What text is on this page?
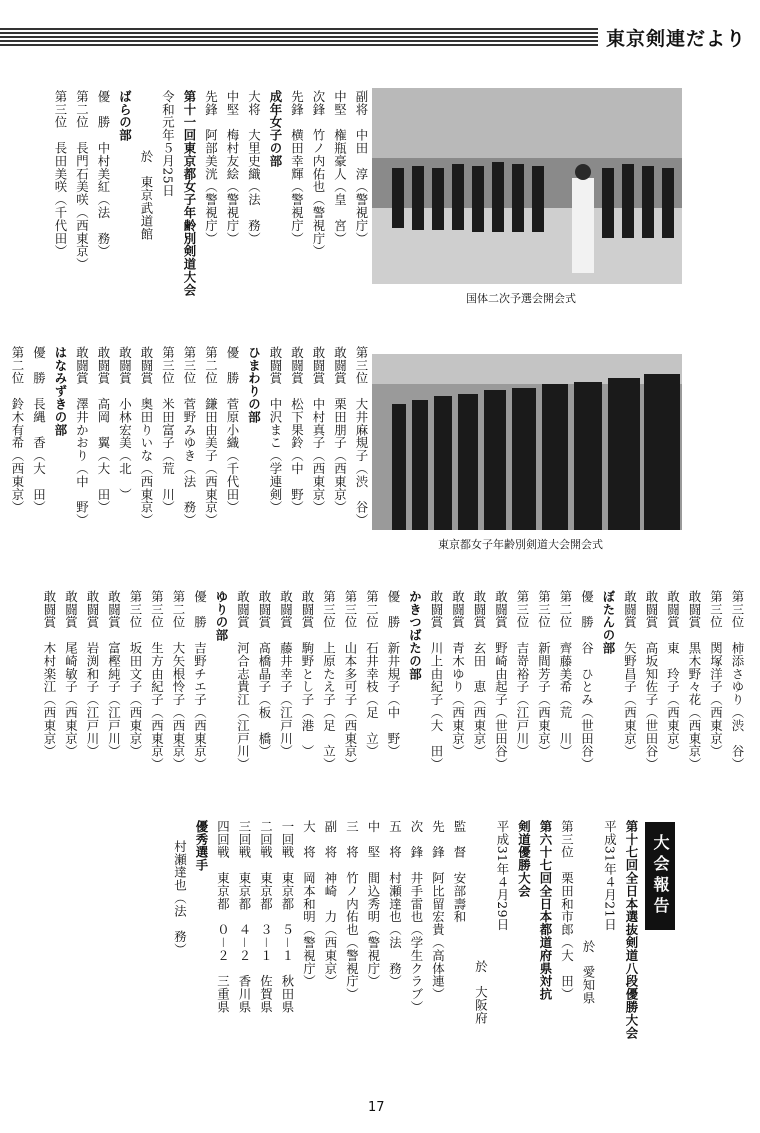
東京剣連だより
国体二次予選会開会式
東京都女子年齢別剣道大会開会式
副将　中田　淳（警視庁）
中堅　権瓶豪人（皇　宮）
次鋒　竹ノ内佑也（警視庁）
先鋒　横田幸輝（警視庁）
成年女子の部
大将　大里史織（法　務）
中堅　梅村友絵（警視庁）
先鋒　阿部美洸（警視庁）
第十一回東京都女子年齢別剣道大会
令和元年５月25日
於　東京武道館
ばらの部
優　勝　中村美紅（法　務）
第二位　長門石美咲（西東京）
第三位　長田美咲（千代田）
第三位　大井麻規子（渋　谷）
敢闘賞　栗田朋子（西東京）
敢闘賞　中村真子（西東京）
敢闘賞　松下果鈴（中　野）
敢闘賞　中沢まこ（学連剣）
ひまわりの部
優　勝　菅原小織（千代田）
第二位　鎌田由美子（西東京）
第三位　菅野みゆき（法　務）
第三位　米田富子（荒　川）
敢闘賞　奥田りいな（西東京）
敢闘賞　小林宏美（北　）
敢闘賞　高岡　翼（大　田）
敢闘賞　澤井かおり（中　野）
はなみずきの部
優　勝　長縄　香（大　田）
第二位　鈴木有希（西東京）
第三位　柿添さゆり（渋　谷）
第三位　関塚洋子（西東京）
敢闘賞　黒木野々花（西東京）
敢闘賞　東　玲子（西東京）
敢闘賞　高坂知佐子（世田谷）
敢闘賞　矢野昌子（西東京）
ぼたんの部
優　勝　谷　ひとみ（世田谷）
第二位　齊藤美希（荒　川）
第三位　新間芳子（西東京）
第三位　吉嵜裕子（江戸川）
敢闘賞　野崎由起子（世田谷）
敢闘賞　玄田　恵（西東京）
敢闘賞　青木ゆり（西東京）
敢闘賞　川上由紀子（大　田）
かきつばたの部
優　勝　新井規子（中　野）
第二位　石井幸枝（足　立）
第三位　山本多可子（西東京）
第三位　上原たえ子（足　立）
敢闘賞　駒野とし子（港　）
敢闘賞　藤井幸子（江戸川）
敢闘賞　髙橋晶子（板　橋）
敢闘賞　河合志貴江（江戸川）
ゆりの部
優　勝　吉野チエ子（西東京）
第二位　大矢根怜子（西東京）
第三位　生方由紀子（西東京）
第三位　坂田文子（西東京）
敢闘賞　富樫純子（江戸川）
敢闘賞　岩渕和子（江戸川）
敢闘賞　尾崎敏子（西東京）
敢闘賞　木村楽江（西東京）
大会報告
第十七回全日本選抜剣道八段優勝大会
平成31年４月21日
於　愛知県
第三位　栗田和市郎（大　田）
第六十七回全日本都道府県対抗
剣道優勝大会
平成31年４月29日
於　大阪府
監　督　安部壽和
先　鋒　阿比留宏貴（高体連）
次　鋒　井手雷也（学生クラブ）
五　将　村瀬達也（法　務）
中　堅　間込秀明（警視庁）
三　将　竹ノ内佑也（警視庁）
副　将　神崎　力（西東京）
大　将　岡本和明（警視庁）
一回戦　東京都　５－１　秋田県
二回戦　東京都　３－１　佐賀県
三回戦　東京都　４－２　香川県
四回戦　東京都　０－２　三重県
優秀選手
村瀬達也（法　務）
17
